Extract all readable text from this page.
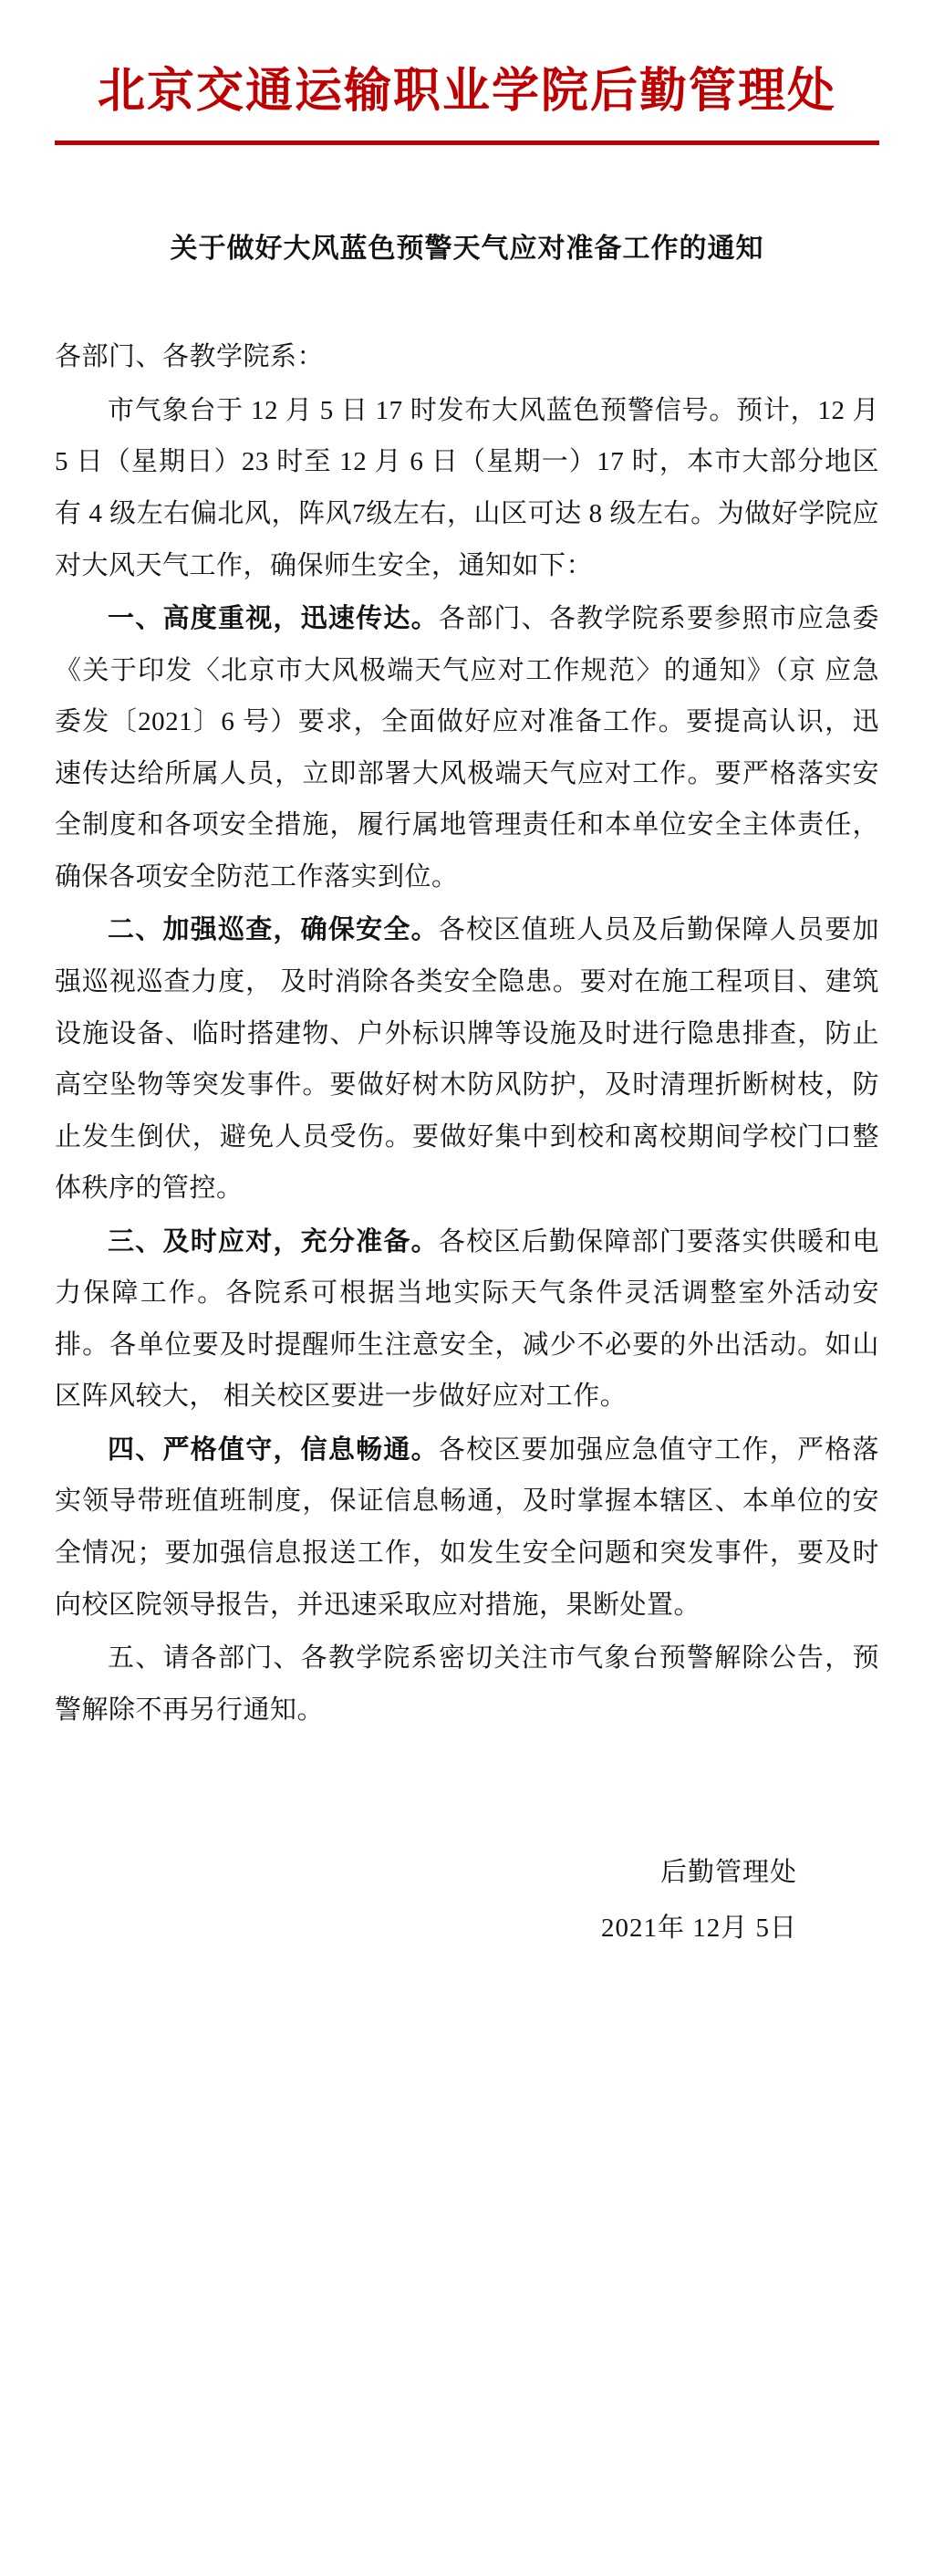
北京交通运输职业学院后勤管理处
关于做好大风蓝色预警天气应对准备工作的通知

各部门、各教学院系：

市气象台于 12 月 5 日 17 时发布大风蓝色预警信号。预计，12 月 5 日（星期日）23 时至 12 月 6 日（星期一）17 时，本市大部分地区有 4 级左右偏北风，阵风7级左右，山区可达 8 级左右。为做好学院应对大风天气工作，确保师生安全，通知如下：

一、高度重视，迅速传达。各部门、各教学院系要参照市应急委《关于印发〈北京市大风极端天气应对工作规范〉的通知》（京 应急委发〔2021〕6 号）要求，全面做好应对准备工作。要提高认识，迅速传达给所属人员，立即部署大风极端天气应对工作。要严格落实安全制度和各项安全措施，履行属地管理责任和本单位安全主体责任，确保各项安全防范工作落实到位。

二、加强巡查，确保安全。各校区值班人员及后勤保障人员要加强巡视巡查力度， 及时消除各类安全隐患。要对在施工程项目、建筑设施设备、临时搭建物、户外标识牌等设施及时进行隐患排查，防止高空坠物等突发事件。要做好树木防风防护，及时清理折断树枝，防止发生倒伏，避免人员受伤。要做好集中到校和离校期间学校门口整体秩序的管控。

三、及时应对，充分准备。各校区后勤保障部门要落实供暖和电力保障工作。各院系可根据当地实际天气条件灵活调整室外活动安排。各单位要及时提醒师生注意安全，减少不必要的外出活动。如山区阵风较大， 相关校区要进一步做好应对工作。

四、严格值守，信息畅通。各校区要加强应急值守工作，严格落实领导带班值班制度，保证信息畅通，及时掌握本辖区、本单位的安全情况；要加强信息报送工作，如发生安全问题和突发事件，要及时向校区院领导报告，并迅速采取应对措施，果断处置。

五、请各部门、各教学院系密切关注市气象台预警解除公告，预警解除不再另行通知。

后勤管理处
2021年 12月 5日
